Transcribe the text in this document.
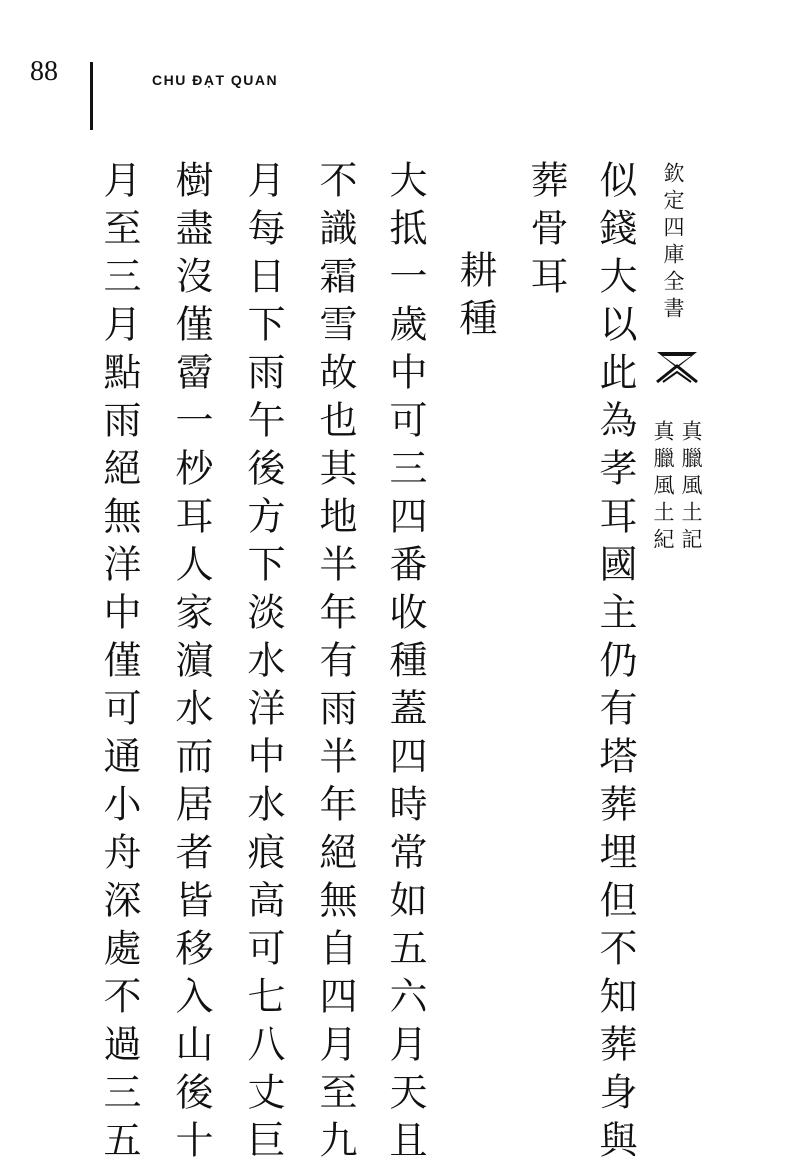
88	CHU ĐẠT QUAN
欽定四庫全書
真臘風土記
真臘風土紀
似錢大以此為孝耳國主仍有塔葬埋但不知葬身與
葬骨耳
耕種
大抵一歲中可三四番收種蓋四時常如五六月天且
不識霜雪故也其地半年有雨半年絕無自四月至九
月每日下雨午後方下淡水洋中水痕高可七八丈巨
樹盡沒僅霤一杪耳人家濵水而居者皆移入山後十
月至三月點雨絕無洋中僅可通小舟深處不過三五
